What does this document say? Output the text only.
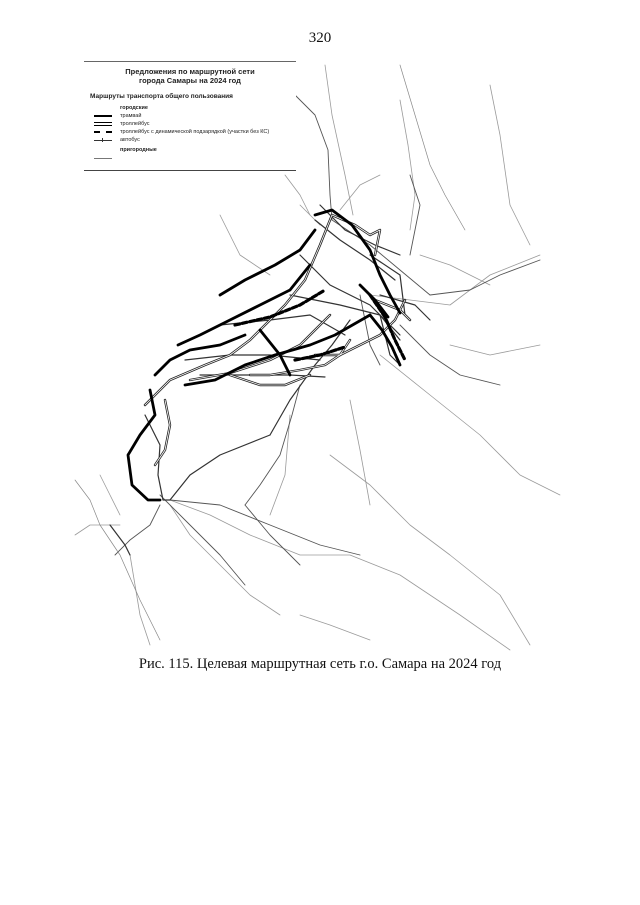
320
Предложения по маршрутной сети
города Самары на 2024 год
Маршруты транспорта общего пользования
городские
трамвай
троллейбус
троллейбус с динамической подзарядкой (участки без КС)
автобус
пригородные
Рис. 115. Целевая маршрутная сеть г.о. Самара на 2024 год
